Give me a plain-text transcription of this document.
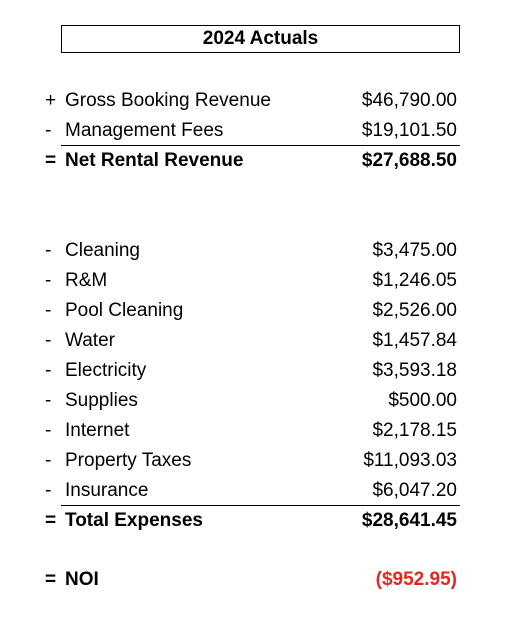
2024 Actuals
+ Gross Booking Revenue	$46,790.00
- Management Fees	$19,101.50
= Net Rental Revenue	$27,688.50
- Cleaning	$3,475.00
- R&M	$1,246.05
- Pool Cleaning	$2,526.00
- Water	$1,457.84
- Electricity	$3,593.18
- Supplies	$500.00
- Internet	$2,178.15
- Property Taxes	$11,093.03
- Insurance	$6,047.20
= Total Expenses	$28,641.45
= NOI	($952.95)
